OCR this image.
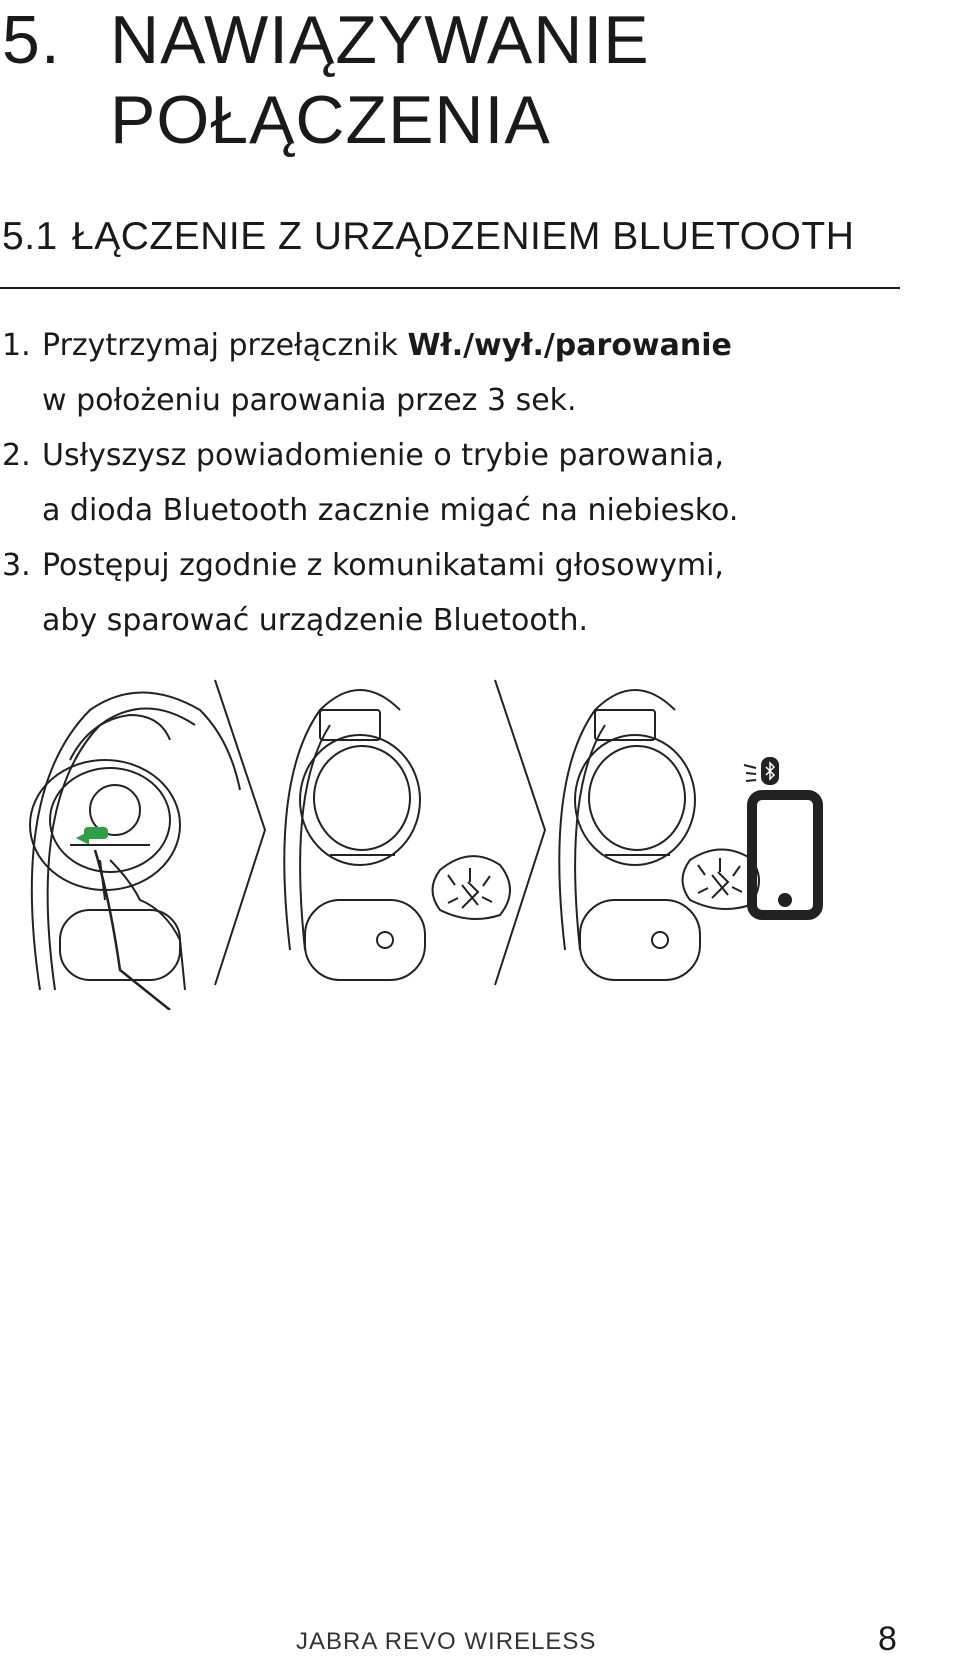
5. NAWIĄZYWANIE
POŁĄCZENIA
5.1 ŁĄCZENIE Z URZĄDZENIEM BLUETOOTH
1. Przytrzymaj przełącznik Wł./wył./parowanie
w położeniu parowania przez 3 sek.
2. Usłyszysz powiadomienie o trybie parowania,
a dioda Bluetooth zacznie migać na niebiesko.
3. Postępuj zgodnie z komunikatami głosowymi,
aby sparować urządzenie Bluetooth.
JABRA REVO WIRELESS	8
